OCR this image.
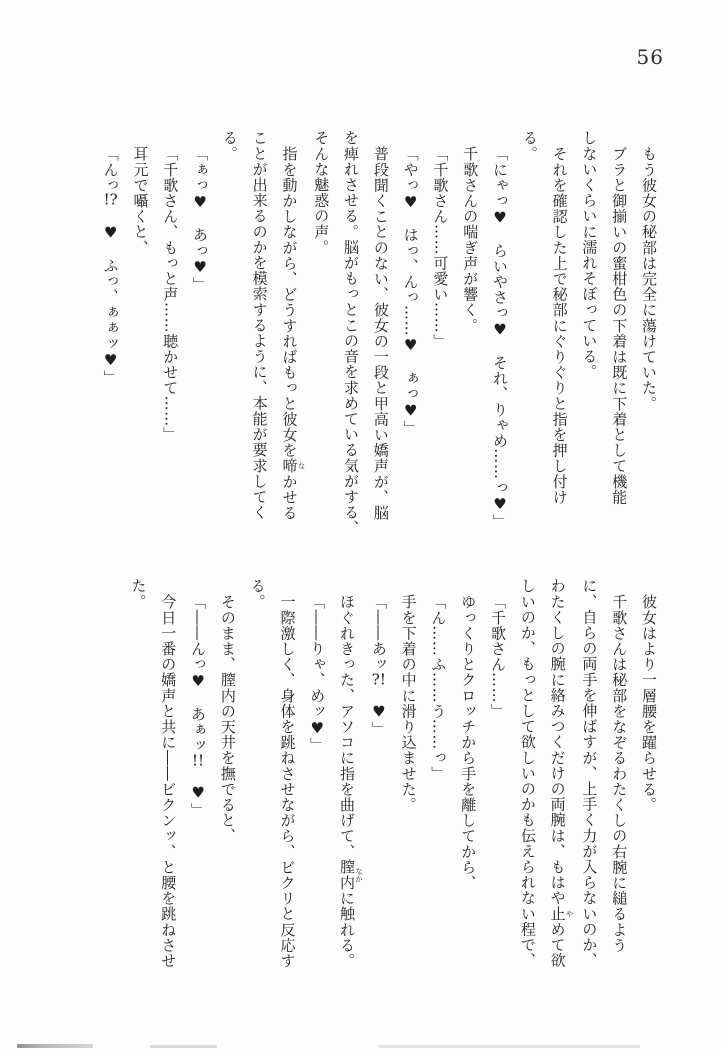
56
もう彼女の秘部は完全に蕩けていた。
ブラと御揃いの蜜柑色の下着は既に下着として機能
しないくらいに濡れそぼっている。
それを確認した上で秘部にぐりぐりと指を押し付け
る。
「にゃっ♥　らいやさっ♥　それ、りゃめ……っ♥」
千歌さんの喘ぎ声が響く。
「千歌さん……可愛い……」
「やっ♥　はっ、んっ……♥　ぁっ♥」
普段聞くことのない、彼女の一段と甲高い嬌声が、脳
を痺れさせる。脳がもっとこの音を求めている気がする、
そんな魅惑の声。
指を動かしながら、どうすればもっと彼女を啼なかせる
ことが出来るのかを模索するように、本能が要求してく
る。
「ぁっ♥　あっ♥」
「千歌さん、もっと声……聴かせて……」
耳元で囁くと、
「んっ!?　♥　ふっ、ぁぁッ♥」
彼女はより一層腰を躍らせる。
千歌さんは秘部をなぞるわたくしの右腕に縋るよう
に、自らの両手を伸ばすが、上手く力が入らないのか、
わたくしの腕に絡みつくだけの両腕は、もはや止やめて欲
しいのか、もっとして欲しいのかも伝えられない程で、
「千歌さん……」
ゆっくりとクロッチから手を離してから、
「ん……ふ……う……っ」
手を下着の中に滑り込ませた。
「――あッ?!　♥」
ほぐれきった、アソコに指を曲げて、膣内なかに触れる。
「――りゃ、めッ♥」
一際激しく、身体を跳ねさせながら、ビクリと反応す
る。
そのまま、膣内の天井を撫でると、
「――んっ♥　あぁッ!!　♥」
今日一番の嬌声と共に――ビクンッ、と腰を跳ねさせ
た。
